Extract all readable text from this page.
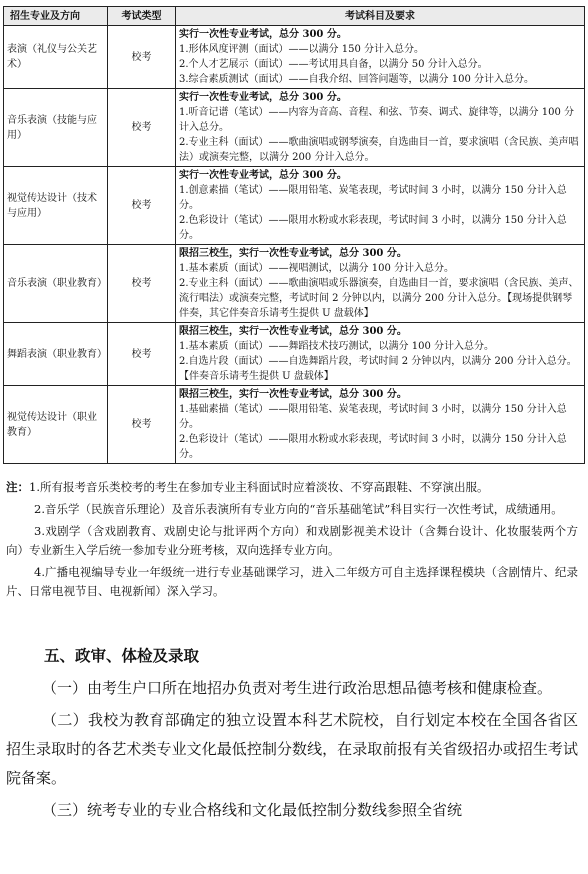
招生专业及方向	考试类型	考试科目及要求
表演（礼仪与公关艺术）	校考	实行一次性专业考试，总分 300 分。
1.形体风度评测（面试）——以满分 150 分计入总分。
2.个人才艺展示（面试）——考试用具自备，以满分 50 分计入总分。
3.综合素质测试（面试）——自我介绍、回答问题等，以满分 100 分计入总分。

音乐表演（技能与应用）	校考	实行一次性专业考试，总分 300 分。
1.听音记谱（笔试）——内容为音高、音程、和弦、节奏、调式、旋律等，以满分 100 分计入总分。
2.专业主科（面试）——歌曲演唱或钢琴演奏，自选曲目一首，要求演唱（含民族、美声唱法）或演奏完整，以满分 200 分计入总分。

视觉传达设计（技术与应用）	校考	实行一次性专业考试，总分 300 分。
1.创意素描（笔试）——限用铅笔、炭笔表现，考试时间 3 小时，以满分 150 分计入总分。
2.色彩设计（笔试）——限用水粉或水彩表现，考试时间 3 小时，以满分 150 分计入总分。

音乐表演（职业教育）	校考	限招三校生，实行一次性专业考试，总分 300 分。
1.基本素质（面试）——视唱测试，以满分 100 分计入总分。
2.专业主科（面试）——歌曲演唱或乐器演奏，自选曲目一首，要求演唱（含民族、美声、流行唱法）或演奏完整，考试时间 2 分钟以内，以满分 200 分计入总分。【现场提供钢琴伴奏，其它伴奏音乐请考生提供 U 盘载体】

舞蹈表演（职业教育）	校考	限招三校生，实行一次性专业考试，总分 300 分。
1.基本素质（面试）——舞蹈技术技巧测试，以满分 100 分计入总分。
2.自选片段（面试）——自选舞蹈片段，考试时间 2 分钟以内，以满分 200 分计入总分。【伴奏音乐请考生提供 U 盘载体】

视觉传达设计（职业教育）	校考	限招三校生，实行一次性专业考试，总分 300 分。
1.基础素描（笔试）——限用铅笔、炭笔表现，考试时间 3 小时，以满分 150 分计入总分。
2.色彩设计（笔试）——限用水粉或水彩表现，考试时间 3 小时，以满分 150 分计入总分。

注：1.所有报考音乐类校考的考生在参加专业主科面试时应着淡妆、不穿高跟鞋、不穿演出服。

2.音乐学（民族音乐理论）及音乐表演所有专业方向的“音乐基础笔试”科目实行一次性考试，成绩通用。

3.戏剧学（含戏剧教育、戏剧史论与批评两个方向）和戏剧影视美术设计（含舞台设计、化妆服装两个方向）专业新生入学后统一参加专业分班考核，双向选择专业方向。

4.广播电视编导专业一年级统一进行专业基础课学习，进入二年级方可自主选择课程模块（含剧情片、纪录片、日常电视节目、电视新闻）深入学习。

五、政审、体检及录取

（一）由考生户口所在地招办负责对考生进行政治思想品德考核和健康检查。

（二）我校为教育部确定的独立设置本科艺术院校，自行划定本校在全国各省区招生录取时的各艺术类专业文化最低控制分数线，在录取前报有关省级招办或招生考试院备案。

（三）统考专业的专业合格线和文化最低控制分数线参照全省统
